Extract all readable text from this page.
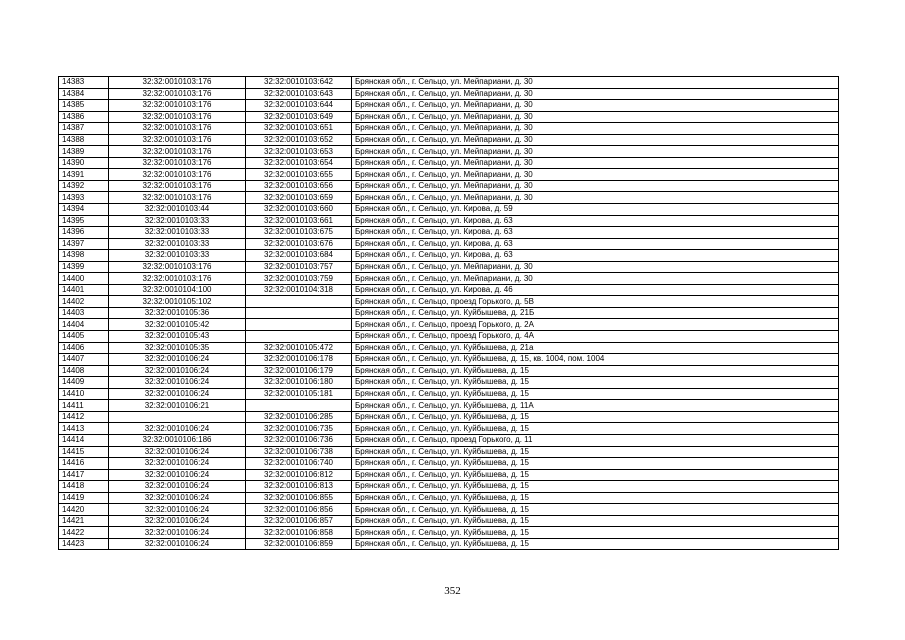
14383	32:32:0010103:176	32:32:0010103:642	Брянская обл., г. Сельцо, ул. Мейпариани, д. 30
14384	32:32:0010103:176	32:32:0010103:643	Брянская обл., г. Сельцо, ул. Мейпариани, д. 30
14385	32:32:0010103:176	32:32:0010103:644	Брянская обл., г. Сельцо, ул. Мейпариани, д. 30
14386	32:32:0010103:176	32:32:0010103:649	Брянская обл., г. Сельцо, ул. Мейпариани, д. 30
14387	32:32:0010103:176	32:32:0010103:651	Брянская обл., г. Сельцо, ул. Мейпариани, д. 30
14388	32:32:0010103:176	32:32:0010103:652	Брянская обл., г. Сельцо, ул. Мейпариани, д. 30
14389	32:32:0010103:176	32:32:0010103:653	Брянская обл., г. Сельцо, ул. Мейпариани, д. 30
14390	32:32:0010103:176	32:32:0010103:654	Брянская обл., г. Сельцо, ул. Мейпариани, д. 30
14391	32:32:0010103:176	32:32:0010103:655	Брянская обл., г. Сельцо, ул. Мейпариани, д. 30
14392	32:32:0010103:176	32:32:0010103:656	Брянская обл., г. Сельцо, ул. Мейпариани, д. 30
14393	32:32:0010103:176	32:32:0010103:659	Брянская обл., г. Сельцо, ул. Мейпариани, д. 30
14394	32:32:0010103:44	32:32:0010103:660	Брянская обл., г. Сельцо, ул. Кирова, д. 59
14395	32:32:0010103:33	32:32:0010103:661	Брянская обл., г. Сельцо, ул. Кирова, д. 63
14396	32:32:0010103:33	32:32:0010103:675	Брянская обл., г. Сельцо, ул. Кирова, д. 63
14397	32:32:0010103:33	32:32:0010103:676	Брянская обл., г. Сельцо, ул. Кирова, д. 63
14398	32:32:0010103:33	32:32:0010103:684	Брянская обл., г. Сельцо, ул. Кирова, д. 63
14399	32:32:0010103:176	32:32:0010103:757	Брянская обл., г. Сельцо, ул. Мейпариани, д. 30
14400	32:32:0010103:176	32:32:0010103:759	Брянская обл., г. Сельцо, ул. Мейпариани, д. 30
14401	32:32:0010104:100	32:32:0010104:318	Брянская обл., г. Сельцо, ул. Кирова, д. 46
14402	32:32:0010105:102		Брянская обл., г. Сельцо, проезд Горького, д. 5В
14403	32:32:0010105:36		Брянская обл., г. Сельцо, ул. Куйбышева, д. 21Б
14404	32:32:0010105:42		Брянская обл., г. Сельцо, проезд Горького, д. 2А
14405	32:32:0010105:43		Брянская обл., г. Сельцо, проезд Горького, д. 4А
14406	32:32:0010105:35	32:32:0010105:472	Брянская обл., г. Сельцо, ул. Куйбышева, д. 21а
14407	32:32:0010106:24	32:32:0010106:178	Брянская обл., г. Сельцо, ул. Куйбышева, д. 15, кв. 1004, пом. 1004
14408	32:32:0010106:24	32:32:0010106:179	Брянская обл., г. Сельцо, ул. Куйбышева, д. 15
14409	32:32:0010106:24	32:32:0010106:180	Брянская обл., г. Сельцо, ул. Куйбышева, д. 15
14410	32:32:0010106:24	32:32:0010105:181	Брянская обл., г. Сельцо, ул. Куйбышева, д. 15
14411	32:32:0010106:21		Брянская обл., г. Сельцо, ул. Куйбышева, д. 11А
14412		32:32:0010106:285	Брянская обл., г. Сельцо, ул. Куйбышева, д. 15
14413	32:32:0010106:24	32:32:0010106:735	Брянская обл., г. Сельцо, ул. Куйбышева, д. 15
14414	32:32:0010106:186	32:32:0010106:736	Брянская обл., г. Сельцо, проезд Горького, д. 11
14415	32:32:0010106:24	32:32:0010106:738	Брянская обл., г. Сельцо, ул. Куйбышева, д. 15
14416	32:32:0010106:24	32:32:0010106:740	Брянская обл., г. Сельцо, ул. Куйбышева, д. 15
14417	32:32:0010106:24	32:32:0010106:812	Брянская обл., г. Сельцо, ул. Куйбышева, д. 15
14418	32:32:0010106:24	32:32:0010106:813	Брянская обл., г. Сельцо, ул. Куйбышева, д. 15
14419	32:32:0010106:24	32:32:0010106:855	Брянская обл., г. Сельцо, ул. Куйбышева, д. 15
14420	32:32:0010106:24	32:32:0010106:856	Брянская обл., г. Сельцо, ул. Куйбышева, д. 15
14421	32:32:0010106:24	32:32:0010106:857	Брянская обл., г. Сельцо, ул. Куйбышева, д. 15
14422	32:32:0010106:24	32:32:0010106:858	Брянская обл., г. Сельцо, ул. Куйбышева, д. 15
14423	32:32:0010106:24	32:32:0010106:859	Брянская обл., г. Сельцо, ул. Куйбышева, д. 15
352
